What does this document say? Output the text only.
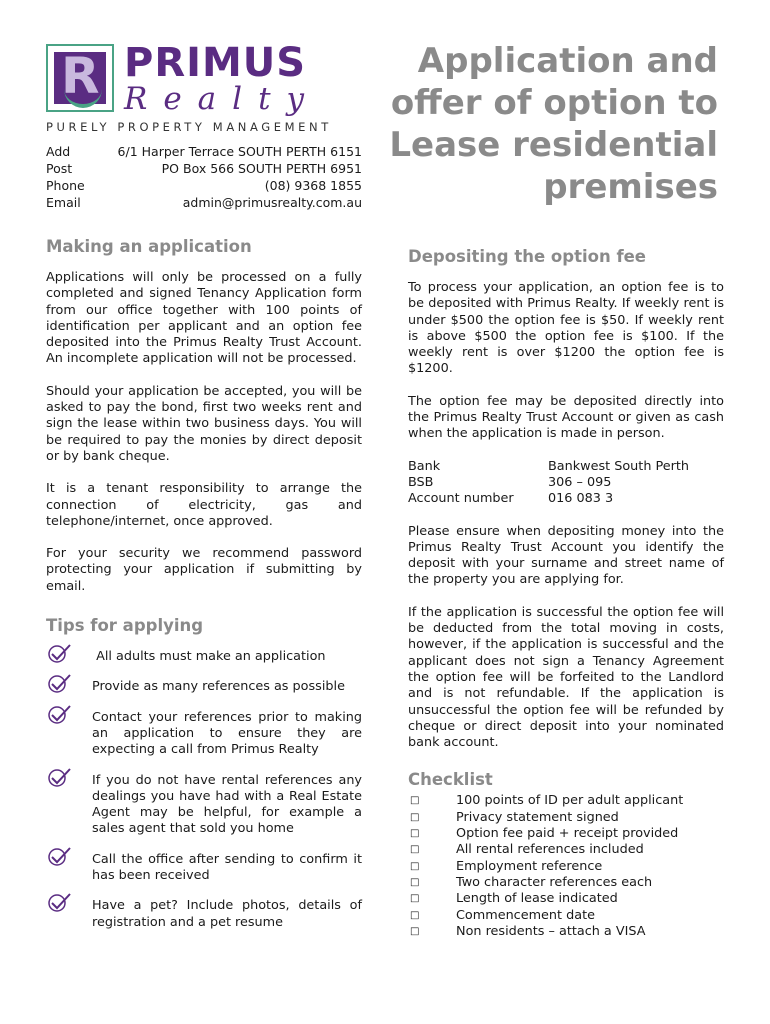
R PRIMUS
Realty
PURELY PROPERTY MANAGEMENT
Add	6/1 Harper Terrace SOUTH PERTH 6151
Post	PO Box 566 SOUTH PERTH 6951
Phone	(08) 9368 1855
Email	admin@primusrealty.com.au
Application and
offer of option to
Lease residential
premises
Making an application

Applications will only be processed on a fully completed and signed Tenancy Application form from our office together with 100 points of identification per applicant and an option fee deposited into the Primus Realty Trust Account. An incomplete application will not be processed.

Should your application be accepted, you will be asked to pay the bond, first two weeks rent and sign the lease within two business days. You will be required to pay the monies by direct deposit or by bank cheque.

It is a tenant responsibility to arrange the connection of electricity, gas and telephone/internet, once approved.

For your security we recommend password protecting your application if submitting by email.

Tips for applying
All adults must make an application
Provide as many references as possible
Contact your references prior to making an application to ensure they are expecting a call from Primus Realty
If you do not have rental references any dealings you have had with a Real Estate Agent may be helpful, for example a sales agent that sold you home
Call the office after sending to confirm it has been received
Have a pet? Include photos, details of registration and a pet resume
Depositing the option fee

To process your application, an option fee is to be deposited with Primus Realty. If weekly rent is under $500 the option fee is $50. If weekly rent is above $500 the option fee is $100. If the weekly rent is over $1200 the option fee is $1200.

The option fee may be deposited directly into the Primus Realty Trust Account or given as cash when the application is made in person.

Bank	Bankwest South Perth
BSB	306 – 095
Account number	016 083 3

Please ensure when depositing money into the Primus Realty Trust Account you identify the deposit with your surname and street name of the property you are applying for.

If the application is successful the option fee will be deducted from the total moving in costs, however, if the application is successful and the applicant does not sign a Tenancy Agreement the option fee will be forfeited to the Landlord and is not refundable. If the application is unsuccessful the option fee will be refunded by cheque or direct deposit into your nominated bank account.

Checklist
□	100 points of ID per adult applicant
□	Privacy statement signed
□	Option fee paid + receipt provided
□	All rental references included
□	Employment reference
□	Two character references each
□	Length of lease indicated
□	Commencement date
□	Non residents – attach a VISA
